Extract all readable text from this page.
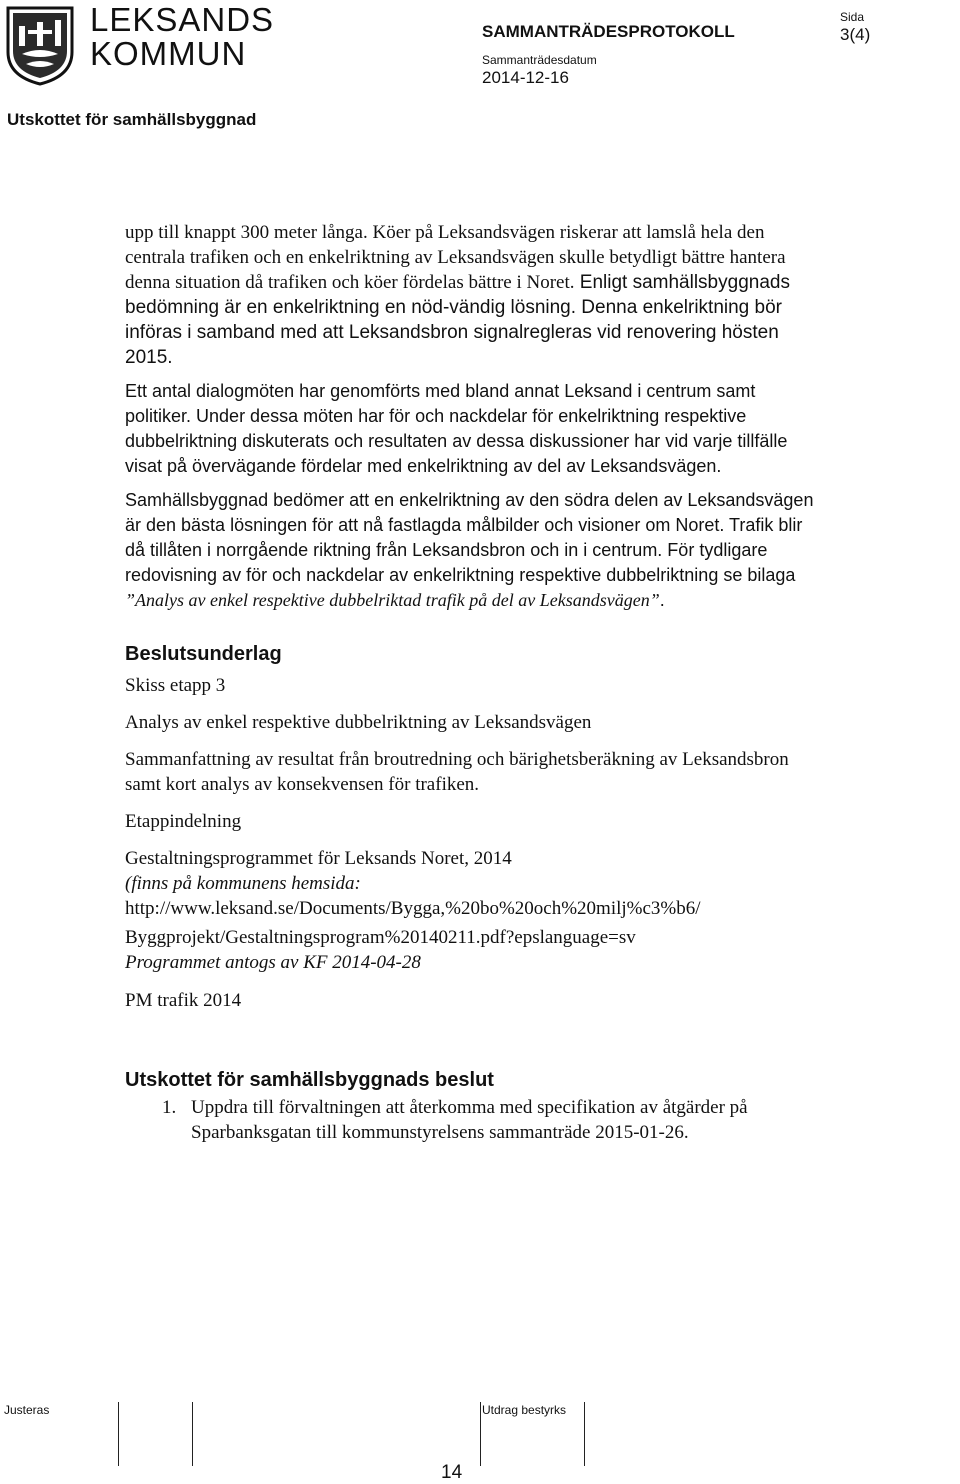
LEKSANDS
KOMMUN
SAMMANTRÄDESPROTOKOLL
Sammanträdesdatum
2014-12-16
Sida
3(4)
Utskottet för samhällsbyggnad

upp till knappt 300 meter långa. Köer på Leksandsvägen riskerar att lamslå hela den centrala trafiken och en enkelriktning av Leksandsvägen skulle betydligt bättre hantera denna situation då trafiken och köer fördelas bättre i Noret. Enligt samhällsbyggnads bedömning är en enkelriktning en nöd-vändig lösning. Denna enkelriktning bör införas i samband med att Leksandsbron signalregleras vid renovering hösten 2015.

Ett antal dialogmöten har genomförts med bland annat Leksand i centrum samt politiker. Under dessa möten har för och nackdelar för enkelriktning respektive dubbelriktning diskuterats och resultaten av dessa diskussioner har vid varje tillfälle visat på övervägande fördelar med enkelriktning av del av Leksandsvägen.

Samhällsbyggnad bedömer att en enkelriktning av den södra delen av Leksandsvägen är den bästa lösningen för att nå fastlagda målbilder och visioner om Noret. Trafik blir då tillåten i norrgående riktning från Leksandsbron och in i centrum. För tydligare redovisning av för och nackdelar av enkelriktning respektive dubbelriktning se bilaga ”Analys av enkel respektive dubbelriktad trafik på del av Leksandsvägen”.

Beslutsunderlag
Skiss etapp 3
Analys av enkel respektive dubbelriktning av Leksandsvägen
Sammanfattning av resultat från broutredning och bärighetsberäkning av Leksandsbron samt kort analys av konsekvensen för trafiken.
Etappindelning
Gestaltningsprogrammet för Leksands Noret, 2014
(finns på kommunens hemsida:
http://www.leksand.se/Documents/Bygga,%20bo%20och%20milj%c3%b6/
Byggprojekt/Gestaltningsprogram%20140211.pdf?epslanguage=sv
Programmet antogs av KF 2014-04-28
PM trafik 2014
Utskottet för samhällsbyggnads beslut
1. Uppdra till förvaltningen att återkomma med specifikation av åtgärder på Sparbanksgatan till kommunstyrelsens sammanträde 2015-01-26.
Justeras	Utdrag bestyrks
14
